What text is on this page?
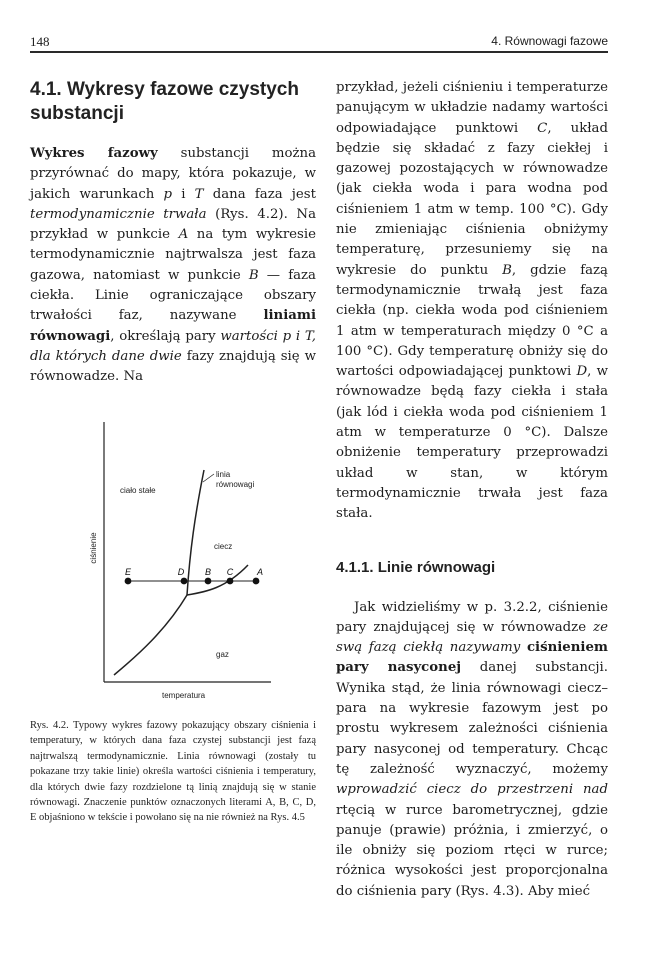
148	4. Równowagi fazowe
4.1. Wykresy fazowe czystych substancji

Wykres fazowy substancji można przyrównać do mapy, która pokazuje, w jakich warunkach p i T dana faza jest termodynamicznie trwała (Rys. 4.2). Na przykład w punkcie A na tym wykresie termodynamicznie najtrwalsza jest faza gazowa, natomiast w punkcie B — faza ciekła. Linie ograniczające obszary trwałości faz, nazywane liniami równowagi, określają pary wartości p i T, dla których dane dwie fazy znajdują się w równowadze. Na

E	D B C	A
ciało stałe
linia
równowagi
ciecz
gaz
temperatura
ciśnienie
Rys. 4.2. Typowy wykres fazowy pokazujący obszary ciśnienia i temperatury, w których dana faza czystej substancji jest fazą najtrwalszą termodynamicznie. Linia równowagi (zostały tu pokazane trzy takie linie) określa wartości ciśnienia i temperatury, dla których dwie fazy rozdzielone tą linią znajdują się w stanie równowagi. Znaczenie punktów oznaczonych literami A, B, C, D, E objaśniono w tekście i powołano się na nie również na Rys. 4.5

przykład, jeżeli ciśnieniu i temperaturze panującym w układzie nadamy wartości odpowiadające punktowi C, układ będzie się składać z fazy ciekłej i gazowej pozostających w równowadze (jak ciekła woda i para wodna pod ciśnieniem 1 atm w temp. 100 °C). Gdy nie zmieniając ciśnienia obniżymy temperaturę, przesuniemy się na wykresie do punktu B, gdzie fazą termodynamicznie trwałą jest faza ciekła (np. ciekła woda pod ciśnieniem 1 atm w temperaturach między 0 °C a 100 °C). Gdy temperaturę obniży się do wartości odpowiadającej punktowi D, w równowadze będą fazy ciekła i stała (jak lód i ciekła woda pod ciśnieniem 1 atm w temperaturze 0 °C). Dalsze obniżenie temperatury przeprowadzi układ w stan, w którym termodynamicznie trwała jest faza stała.

4.1.1. Linie równowagi

Jak widzieliśmy w p. 3.2.2, ciśnienie pary znajdującej się w równowadze ze swą fazą ciekłą nazywamy ciśnieniem pary nasyconej danej substancji. Wynika stąd, że linia równowagi ciecz–para na wykresie fazowym jest po prostu wykresem zależności ciśnienia pary nasyconej od temperatury. Chcąc tę zależność wyznaczyć, możemy wprowadzić ciecz do przestrzeni nad rtęcią w rurce barometrycznej, gdzie panuje (prawie) próżnia, i zmierzyć, o ile obniży się poziom rtęci w rurce; różnica wysokości jest proporcjonalna do ciśnienia pary (Rys. 4.3). Aby mieć
